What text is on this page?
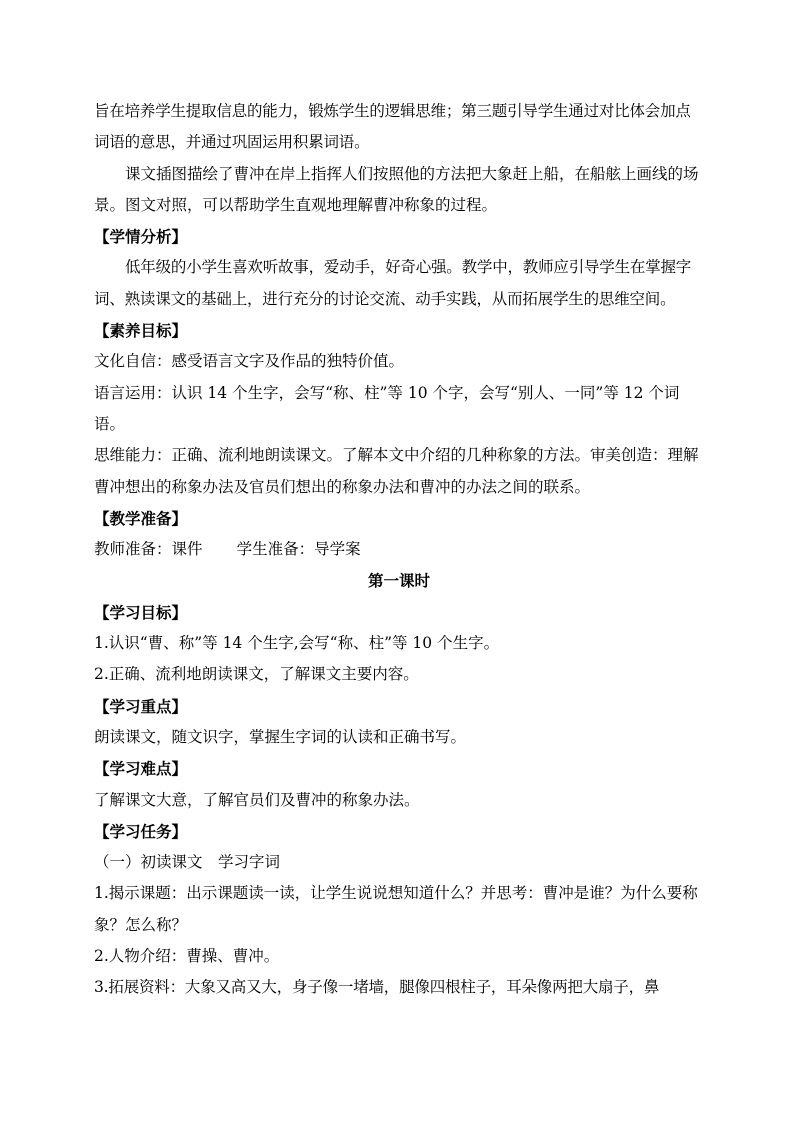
旨在培养学生提取信息的能力，锻炼学生的逻辑思维；第三题引导学生通过对比体会加点词语的意思，并通过巩固运用积累词语。

课文插图描绘了曹冲在岸上指挥人们按照他的方法把大象赶上船，在船舷上画线的场景。图文对照，可以帮助学生直观地理解曹冲称象的过程。

【学情分析】

低年级的小学生喜欢听故事，爱动手，好奇心强。教学中，教师应引导学生在掌握字词、熟读课文的基础上，进行充分的讨论交流、动手实践，从而拓展学生的思维空间。

【素养目标】

文化自信：感受语言文字及作品的独特价值。

语言运用：认识 14 个生字，会写“称、柱”等 10 个字，会写“别人、一同”等 12 个词语。

思维能力：正确、流利地朗读课文。了解本文中介绍的几种称象的方法。审美创造：理解曹冲想出的称象办法及官员们想出的称象办法和曹冲的办法之间的联系。

【教学准备】

教师准备：课件 学生准备：导学案

第一课时

【学习目标】

1.认识“曹、称”等 14 个生字,会写“称、柱”等 10 个生字。

2.正确、流利地朗读课文，了解课文主要内容。

【学习重点】

朗读课文，随文识字，掌握生字词的认读和正确书写。

【学习难点】

了解课文大意，了解官员们及曹冲的称象办法。

【学习任务】

（一）初读课文　学习字词

1.揭示课题：出示课题读一读，让学生说说想知道什么？并思考：曹冲是谁？为什么要称象？怎么称？

2.人物介绍：曹操、曹冲。

3.拓展资料：大象又高又大，身子像一堵墙，腿像四根柱子，耳朵像两把大扇子，鼻
